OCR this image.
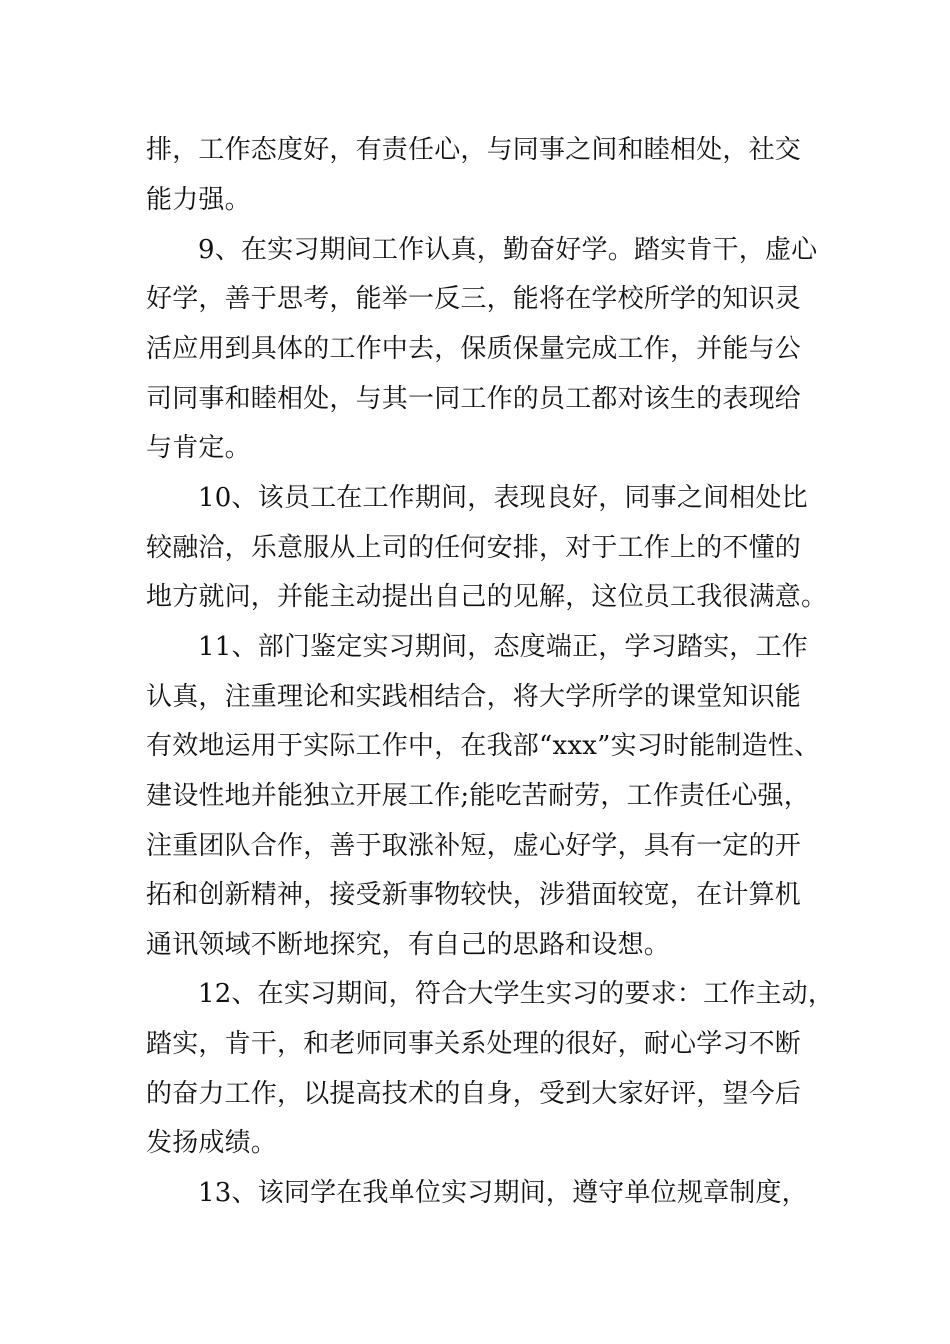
排，工作态度好，有责任心，与同事之间和睦相处，社交
能力强。
9、在实习期间工作认真，勤奋好学。踏实肯干，虚心
好学，善于思考，能举一反三，能将在学校所学的知识灵
活应用到具体的工作中去，保质保量完成工作，并能与公
司同事和睦相处，与其一同工作的员工都对该生的表现给
与肯定。
10、该员工在工作期间，表现良好，同事之间相处比
较融洽，乐意服从上司的任何安排，对于工作上的不懂的
地方就问，并能主动提出自己的见解，这位员工我很满意。
11、部门鉴定实习期间，态度端正，学习踏实，工作
认真，注重理论和实践相结合，将大学所学的课堂知识能
有效地运用于实际工作中，在我部“xxx”实习时能制造性、
建设性地并能独立开展工作;能吃苦耐劳，工作责任心强，
注重团队合作，善于取涨补短，虚心好学，具有一定的开
拓和创新精神，接受新事物较快，涉猎面较宽，在计算机
通讯领域不断地探究，有自己的思路和设想。
12、在实习期间，符合大学生实习的要求：工作主动，
踏实，肯干，和老师同事关系处理的很好，耐心学习不断
的奋力工作，以提高技术的自身，受到大家好评，望今后
发扬成绩。
13、该同学在我单位实习期间，遵守单位规章制度，
